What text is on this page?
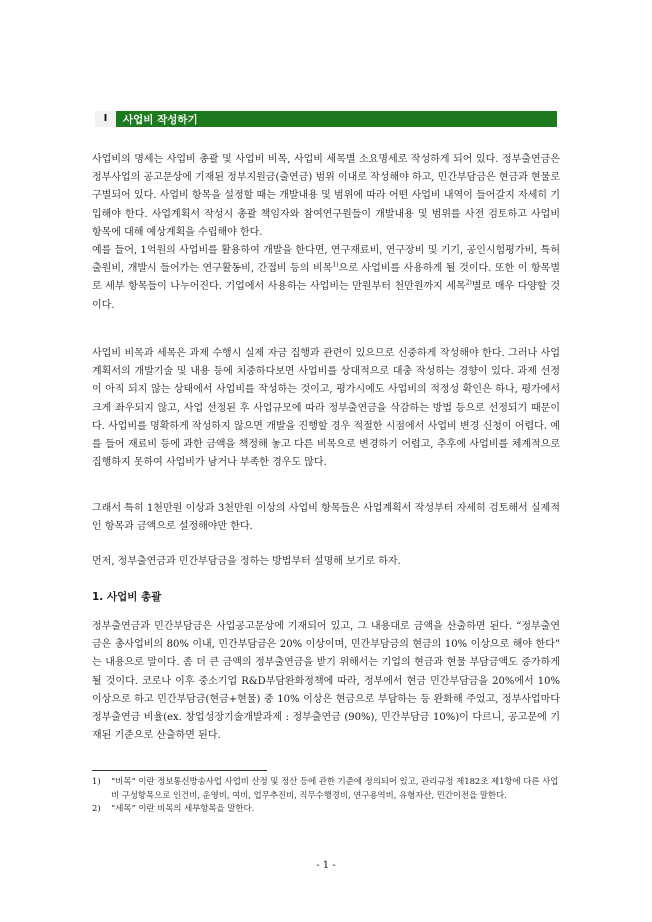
Ⅰ	사업비 작성하기

사업비의 명세는 사업비 총괄 및 사업비 비목, 사업비 세목별 소요명세로 작성하게 되어 있다. 정부출연금은 정부사업의 공고문상에 기재된 정부지원금(출연금) 범위 이내로 작성해야 하고, 민간부담금은 현금과 현물로 구별되어 있다. 사업비 항목을 설정할 때는 개발내용 및 범위에 따라 어떤 사업비 내역이 들어갈지 자세히 기입해야 한다. 사업계획서 작성시 총괄 책임자와 참여연구원들이 개발내용 및 범위를 사전 검토하고 사업비 항목에 대해 예상계획을 수립해야 한다.
예를 들어, 1억원의 사업비를 활용하여 개발을 한다면, 연구재료비, 연구장비 및 기기, 공인시험평가비, 특허출원비, 개발시 들어가는 연구활동비, 간접비 등의 비목$^{1)}$으로 사업비를 사용하게 될 것이다. 또한 이 항목별로 세부 항목들이 나누어진다. 기업에서 사용하는 사업비는 만원부터 천만원까지 세목$^{2)}$별로 매우 다양할 것이다.

사업비 비목과 세목은 과제 수행시 실제 자금 집행과 관련이 있으므로 신중하게 작성해야 한다. 그러나 사업계획서의 개발기술 및 내용 등에 치중하다보면 사업비를 상대적으로 대충 작성하는 경향이 있다. 과제 선정이 아직 되지 않는 상태에서 사업비를 작성하는 것이고, 평가시에도 사업비의 적정성 확인은 하나, 평가에서 크게 좌우되지 않고, 사업 선정된 후 사업규모에 따라 정부출연금을 삭감하는 방법 등으로 선정되기 때문이다. 사업비를 명확하게 작성하지 않으면 개발을 진행할 경우 적절한 시점에서 사업비 변경 신청이 어렵다. 예를 들어 재료비 등에 과한 금액을 책정해 놓고 다른 비목으로 변경하기 어렵고, 추후에 사업비를 체계적으로 집행하지 못하여 사업비가 남거나 부족한 경우도 많다.

그래서 특히 1천만원 이상과 3천만원 이상의 사업비 항목들은 사업계획서 작성부터 자세히 검토해서 실제적인 항목과 금액으로 설정해야만 한다.

먼저, 정부출연금과 민간부담금을 정하는 방법부터 설명해 보기로 하자.

1. 사업비 총괄

정부출연금과 민간부담금은 사업공고문상에 기재되어 있고, 그 내용대로 금액을 산출하면 된다. “정부출연금은 총사업비의 80% 이내, 민간부담금은 20% 이상이며, 민간부담금의 현금의 10% 이상으로 해야 한다” 는 내용으로 말이다. 좀 더 큰 금액의 정부출연금을 받기 위해서는 기업의 현금과 현물 부담금액도 증가하게 될 것이다. 코로나 이후 중소기업 R&D부담완화정책에 따라, 정부에서 현금 민간부담금을 20%에서 10% 이상으로 하고 민간부담금(현금+현물) 중 10% 이상은 현금으로 부담하는 등 완화해 주었고, 정부사업마다 정부출연금 비율(ex. 창업성장기술개발과제 : 정부출연금 (90%), 민간부담금 10%)이 다르니, 공고문에 기재된 기준으로 산출하면 된다.

1) “비목” 이란 정보통신방송사업 사업비 산정 및 정산 등에 관한 기준에 정의되어 있고, 관리규정 제182조 제1항에 다른 사업비 구성항목으로 인건비, 운영비, 여비, 업무추진비, 직무수행경비, 연구용역비, 유형자산, 민간이전을 말한다.
2) “세목” 이란 비목의 세부항목을 말한다.
- 1 -
